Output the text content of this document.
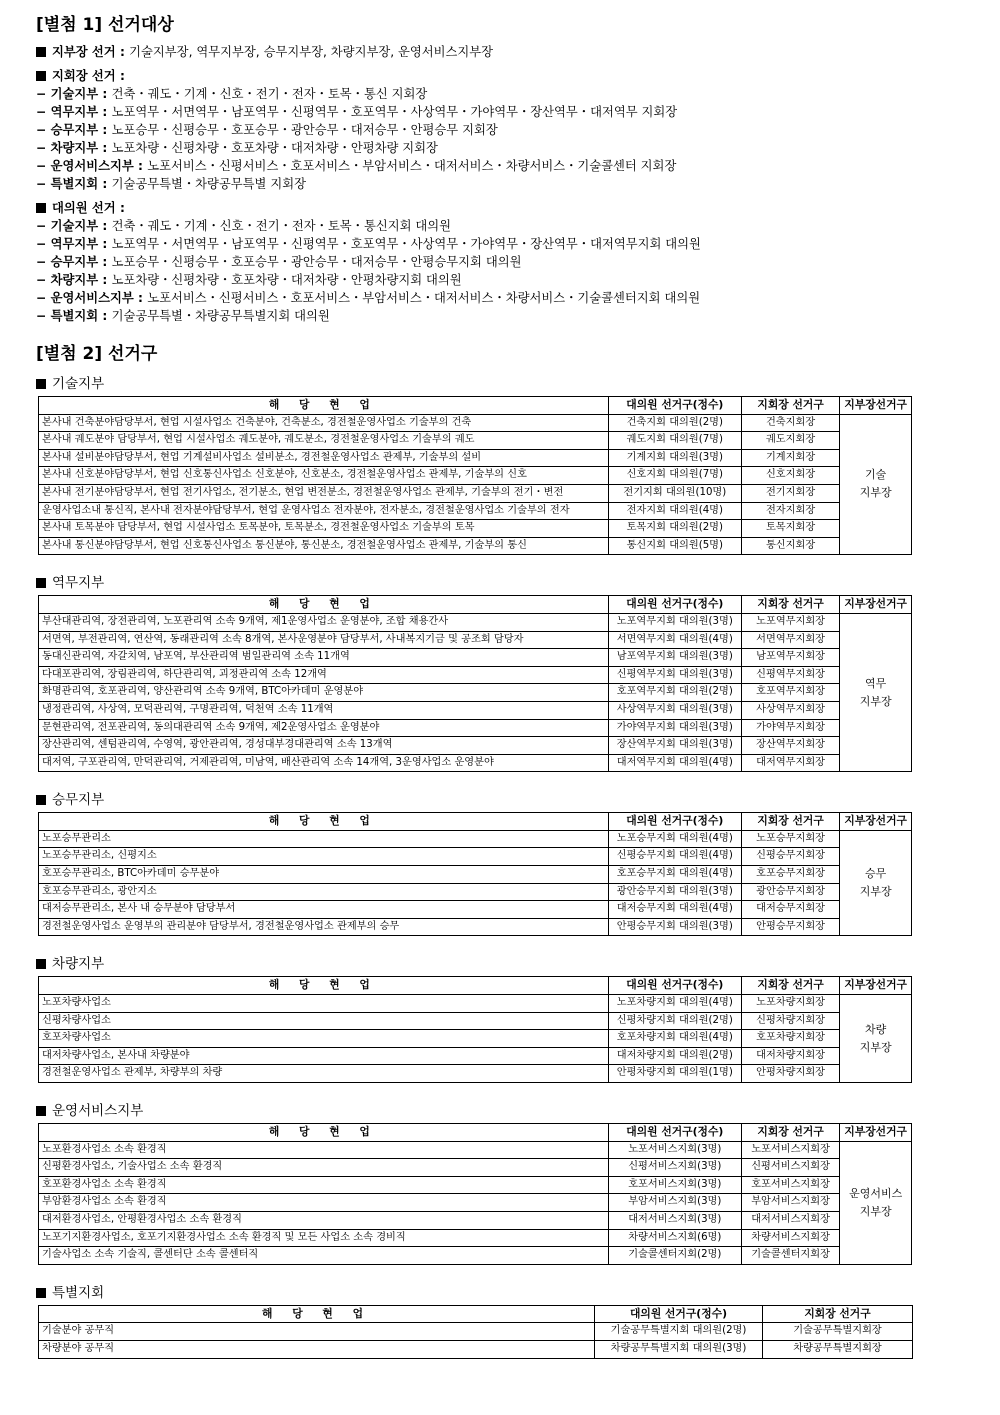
[별첨 1] 선거대상
지부장 선거 : 기술지부장, 역무지부장, 승무지부장, 차량지부장, 운영서비스지부장
지회장 선거 :
− 기술지부 : 건축・궤도・기계・신호・전기・전자・토목・통신 지회장
− 역무지부 : 노포역무・서면역무・남포역무・신평역무・호포역무・사상역무・가야역무・장산역무・대저역무 지회장
− 승무지부 : 노포승무・신평승무・호포승무・광안승무・대저승무・안평승무 지회장
− 차량지부 : 노포차량・신평차량・호포차량・대저차량・안평차량 지회장
− 운영서비스지부 : 노포서비스・신평서비스・호포서비스・부암서비스・대저서비스・차량서비스・기술콜센터 지회장
− 특별지회 : 기술공무특별・차량공무특별 지회장
대의원 선거 :
− 기술지부 : 건축・궤도・기계・신호・전기・전자・토목・통신지회 대의원
− 역무지부 : 노포역무・서면역무・남포역무・신평역무・호포역무・사상역무・가야역무・장산역무・대저역무지회 대의원
− 승무지부 : 노포승무・신평승무・호포승무・광안승무・대저승무・안평승무지회 대의원
− 차량지부 : 노포차량・신평차량・호포차량・대저차량・안평차량지회 대의원
− 운영서비스지부 : 노포서비스・신평서비스・호포서비스・부암서비스・대저서비스・차량서비스・기술콜센터지회 대의원
− 특별지회 : 기술공무특별・차량공무특별지회 대의원
[별첨 2] 선거구
기술지부
해 당 현 업	대의원 선거구(정수)	지회장 선거구	지부장선거구
본사내 건축분야담당부서, 현업 시설사업소 건축분야, 건축분소, 경전철운영사업소 기술부의 건축	건축지회 대의원(2명)	건축지회장	기술
지부장
본사내 궤도분야 담당부서, 현업 시설사업소 궤도분야, 궤도분소, 경전철운영사업소 기술부의 궤도	궤도지회 대의원(7명)	궤도지회장	
본사내 설비분야담당부서, 현업 기계설비사업소 설비분소, 경전철운영사업소 관제부, 기술부의 설비	기계지회 대의원(3명)	기계지회장	
본사내 신호분야담당부서, 현업 신호통신사업소 신호분야, 신호분소, 경전철운영사업소 관제부, 기술부의 신호	신호지회 대의원(7명)	신호지회장	
본사내 전기분야담당부서, 현업 전기사업소, 전기분소, 현업 변전분소, 경전철운영사업소 관제부, 기술부의 전기・변전	전기지회 대의원(10명)	전기지회장	
운영사업소내 통신직, 본사내 전자분야담당부서, 현업 운영사업소 전자분야, 전자분소, 경전철운영사업소 기술부의 전자	전자지회 대의원(4명)	전자지회장	
본사내 토목분야 담당부서, 현업 시설사업소 토목분야, 토목분소, 경전철운영사업소 기술부의 토목	토목지회 대의원(2명)	토목지회장	
본사내 통신분야담당부서, 현업 신호통신사업소 통신분야, 통신분소, 경전철운영사업소 관제부, 기술부의 통신	통신지회 대의원(5명)	통신지회장	
역무지부
해 당 현 업	대의원 선거구(정수)	지회장 선거구	지부장선거구
부산대관리역, 장전관리역, 노포관리역 소속 9개역, 제1운영사업소 운영분야, 조합 채용간사	노포역무지회 대의원(3명)	노포역무지회장	역무
지부장
서면역, 부전관리역, 연산역, 동래관리역 소속 8개역, 본사운영분야 담당부서, 사내복지기금 및 공조회 담당자	서면역무지회 대의원(4명)	서면역무지회장	
동대신관리역, 자갈치역, 남포역, 부산관리역 범일관리역 소속 11개역	남포역무지회 대의원(3명)	남포역무지회장	
다대포관리역, 장림관리역, 하단관리역, 괴정관리역 소속 12개역	신평역무지회 대의원(3명)	신평역무지회장	
화명관리역, 호포관리역, 양산관리역 소속 9개역, BTC아카데미 운영분야	호포역무지회 대의원(2명)	호포역무지회장	
냉정관리역, 사상역, 모덕관리역, 구명관리역, 덕천역 소속 11개역	사상역무지회 대의원(3명)	사상역무지회장	
문현관리역, 전포관리역, 동의대관리역 소속 9개역, 제2운영사업소 운영분야	가야역무지회 대의원(3명)	가야역무지회장	
장산관리역, 센텀관리역, 수영역, 광안관리역, 경성대부경대관리역 소속 13개역	장산역무지회 대의원(3명)	장산역무지회장	
대저역, 구포관리역, 만덕관리역, 거제관리역, 미남역, 배산관리역 소속 14개역, 3운영사업소 운영분야	대저역무지회 대의원(4명)	대저역무지회장	
승무지부
해 당 현 업	대의원 선거구(정수)	지회장 선거구	지부장선거구
노포승무관리소	노포승무지회 대의원(4명)	노포승무지회장	승무
지부장
노포승무관리소, 신평지소	신평승무지회 대의원(4명)	신평승무지회장	
호포승무관리소, BTC아카데미 승무분야	호포승무지회 대의원(4명)	호포승무지회장	
호포승무관리소, 광안지소	광안승무지회 대의원(3명)	광안승무지회장	
대저승무관리소, 본사 내 승무분야 담당부서	대저승무지회 대의원(4명)	대저승무지회장	
경전철운영사업소 운영부의 관리분야 담당부서, 경전철운영사업소 관제부의 승무	안평승무지회 대의원(3명)	안평승무지회장	
차량지부
해 당 현 업	대의원 선거구(정수)	지회장 선거구	지부장선거구
노포차량사업소	노포차량지회 대의원(4명)	노포차량지회장	차량
지부장
신평차량사업소	신평차량지회 대의원(2명)	신평차량지회장	
호포차량사업소	호포차량지회 대의원(4명)	호포차량지회장	
대저차량사업소, 본사내 차량분야	대저차량지회 대의원(2명)	대저차량지회장	
경전철운영사업소 관제부, 차량부의 차량	안평차량지회 대의원(1명)	안평차량지회장	
운영서비스지부
해 당 현 업	대의원 선거구(정수)	지회장 선거구	지부장선거구
노포환경사업소 소속 환경직	노포서비스지회(3명)	노포서비스지회장	운영서비스
지부장
신평환경사업소, 기술사업소 소속 환경직	신평서비스지회(3명)	신평서비스지회장	
호포환경사업소 소속 환경직	호포서비스지회(3명)	호포서비스지회장	
부암환경사업소 소속 환경직	부암서비스지회(3명)	부암서비스지회장	
대저환경사업소, 안평환경사업소 소속 환경직	대저서비스지회(3명)	대저서비스지회장	
노포기지환경사업소, 호포기지환경사업소 소속 환경직 및 모든 사업소 소속 경비직	차량서비스지회(6명)	차량서비스지회장	
기술사업소 소속 기술직, 콜센터단 소속 콜센터직	기술콜센터지회(2명)	기술콜센터지회장	
특별지회
해 당 현 업	대의원 선거구(정수)	지회장 선거구
기술분야 공무직	기술공무특별지회 대의원(2명)	기술공무특별지회장
차량분야 공무직	차량공무특별지회 대의원(3명)	차량공무특별지회장
